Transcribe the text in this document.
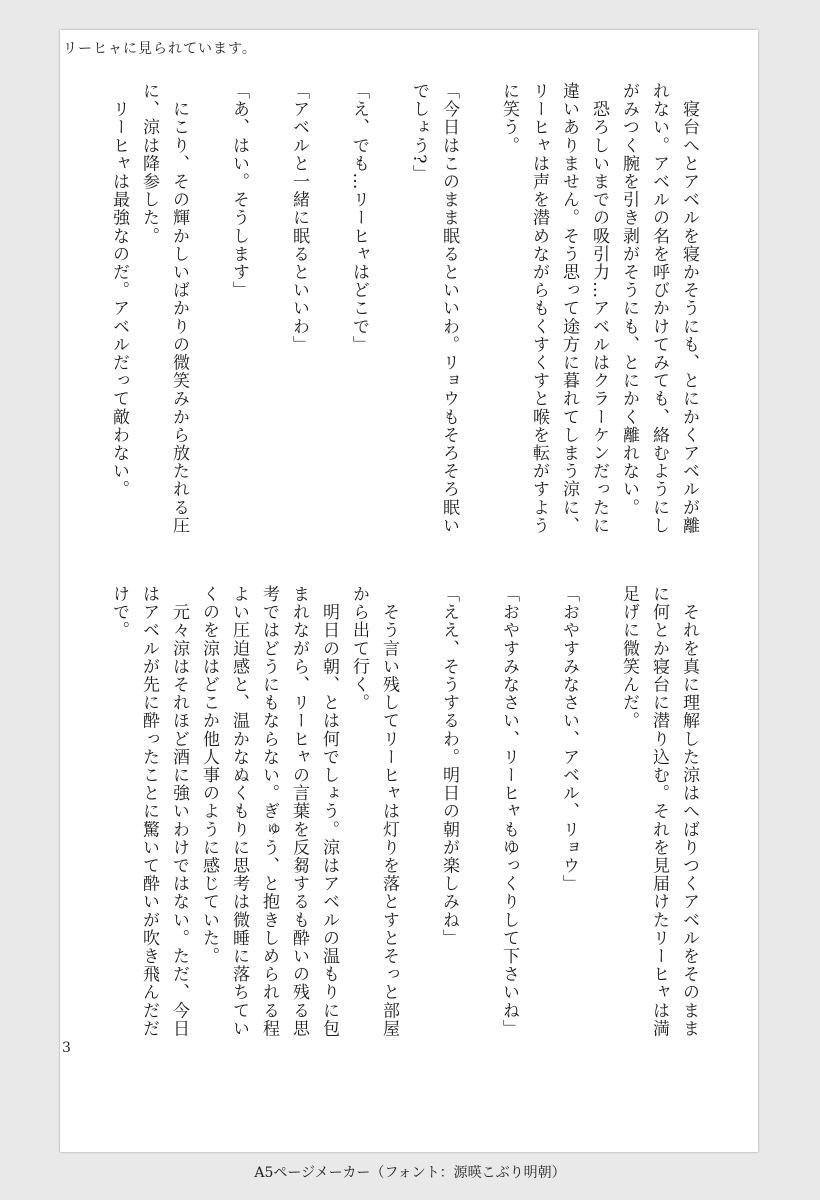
リーヒャに見られています。

　寝台へとアベルを寝かそうにも、とにかくアベルが離

れない。アベルの名を呼びかけてみても、絡むようにし

がみつく腕を引き剥がそうにも、とにかく離れない。

　恐ろしいまでの吸引力…アベルはクラーケンだったに

違いありません。そう思って途方に暮れてしまう涼に、

リーヒャは声を潜めながらもくすくすと喉を転がすよう

に笑う。

「今日はこのまま眠るといいわ。リョウもそろそろ眠い

でしょう?」

「え、でも…リーヒャはどこで」

「アベルと一緒に眠るといいわ」

「あ、はい。そうします」

　にこり、その輝かしいばかりの微笑みから放たれる圧

に、涼は降参した。

　リーヒャは最強なのだ。アベルだって敵わない。

　それを真に理解した涼はへばりつくアベルをそのまま

に何とか寝台に潜り込む。それを見届けたリーヒャは満

足げに微笑んだ。

「おやすみなさい、アベル、リョウ」

「おやすみなさい、リーヒャもゆっくりして下さいね」

「ええ、そうするわ。明日の朝が楽しみね」

　そう言い残してリーヒャは灯りを落とすとそっと部屋

から出て行く。

　明日の朝、とは何でしょう。涼はアベルの温もりに包

まれながら、リーヒャの言葉を反芻するも酔いの残る思

考ではどうにもならない。ぎゅう、と抱きしめられる程

よい圧迫感と、温かなぬくもりに思考は微睡に落ちてい

くのを涼はどこか他人事のように感じていた。

　元々涼はそれほど酒に強いわけではない。ただ、今日

はアベルが先に酔ったことに驚いて酔いが吹き飛んだだ

けで。

3
A5ページメーカー（フォント：源暎こぶり明朝）
